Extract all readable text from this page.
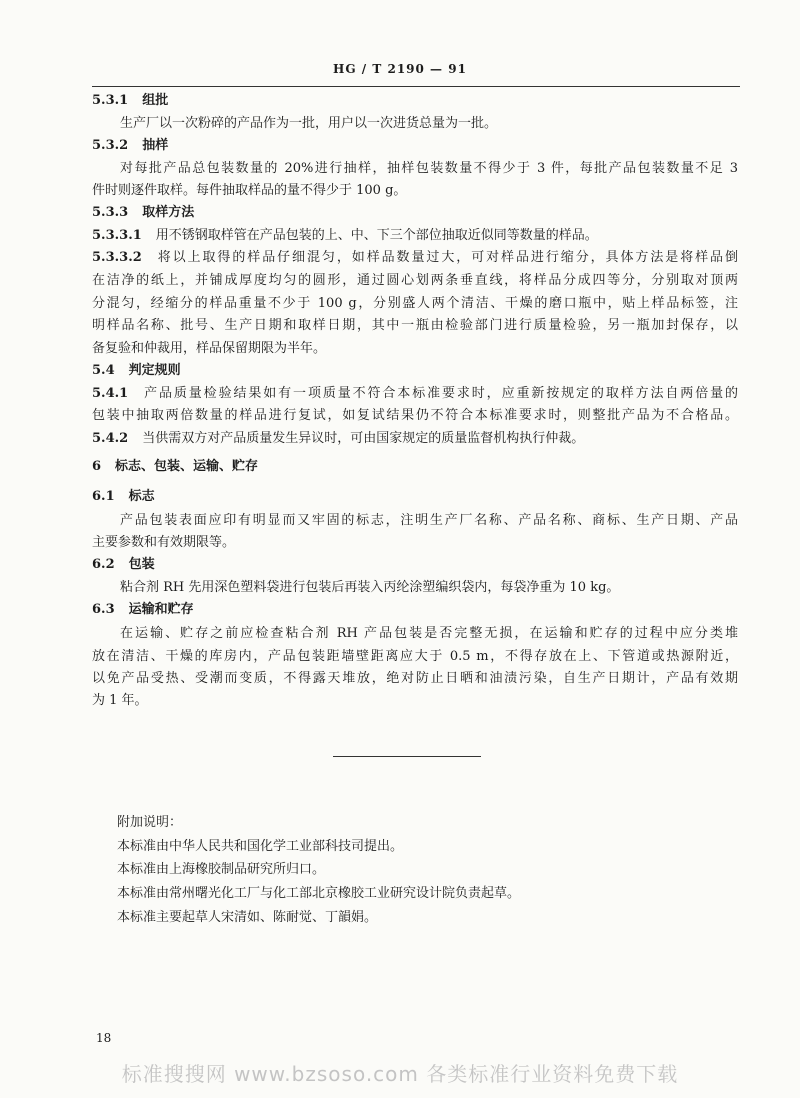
HG / T 2190 — 91
5.3.1 组批
生产厂以一次粉碎的产品作为一批，用户以一次进货总量为一批。
5.3.2 抽样
对每批产品总包装数量的 20%进行抽样，抽样包装数量不得少于 3 件，每批产品包装数量不足 3
件时则逐件取样。每件抽取样品的量不得少于 100 g。
5.3.3 取样方法
5.3.3.1 用不锈钢取样管在产品包装的上、中、下三个部位抽取近似同等数量的样品。
5.3.3.2 将以上取得的样品仔细混匀，如样品数量过大，可对样品进行缩分，具体方法是将样品倒
在洁净的纸上，并铺成厚度均匀的圆形，通过圆心划两条垂直线，将样品分成四等分，分别取对顶两
分混匀，经缩分的样品重量不少于 100 g，分别盛人两个清洁、干燥的磨口瓶中，贴上样品标签，注
明样品名称、批号、生产日期和取样日期，其中一瓶由检验部门进行质量检验，另一瓶加封保存，以
备复验和仲裁用，样品保留期限为半年。
5.4 判定规则
5.4.1 产品质量检验结果如有一项质量不符合本标准要求时，应重新按规定的取样方法自两倍量的
包装中抽取两倍数量的样品进行复试，如复试结果仍不符合本标准要求时，则整批产品为不合格品。
5.4.2 当供需双方对产品质量发生异议时，可由国家规定的质量监督机构执行仲裁。
6 标志、包装、运输、贮存
6.1 标志
产品包装表面应印有明显而又牢固的标志，注明生产厂名称、产品名称、商标、生产日期、产品
主要参数和有效期限等。
6.2 包装
粘合剂 RH 先用深色塑料袋进行包装后再装入丙纶涂塑编织袋内，每袋净重为 10 kg。
6.3 运输和贮存
在运输、贮存之前应检查粘合剂 RH 产品包装是否完整无损，在运输和贮存的过程中应分类堆
放在清洁、干燥的库房内，产品包装距墙壁距离应大于 0.5 m，不得存放在上、下管道或热源附近，
以免产品受热、受潮而变质，不得露天堆放，绝对防止日晒和油渍污染，自生产日期计，产品有效期
为 1 年。
附加说明：
本标准由中华人民共和国化学工业部科技司提出。
本标准由上海橡胶制品研究所归口。
本标准由常州曙光化工厂与化工部北京橡胶工业研究设计院负责起草。
本标准主要起草人宋清如、陈耐觉、丁韻娟。
18
标准搜搜网 www.bzsoso.com 各类标准行业资料免费下载
